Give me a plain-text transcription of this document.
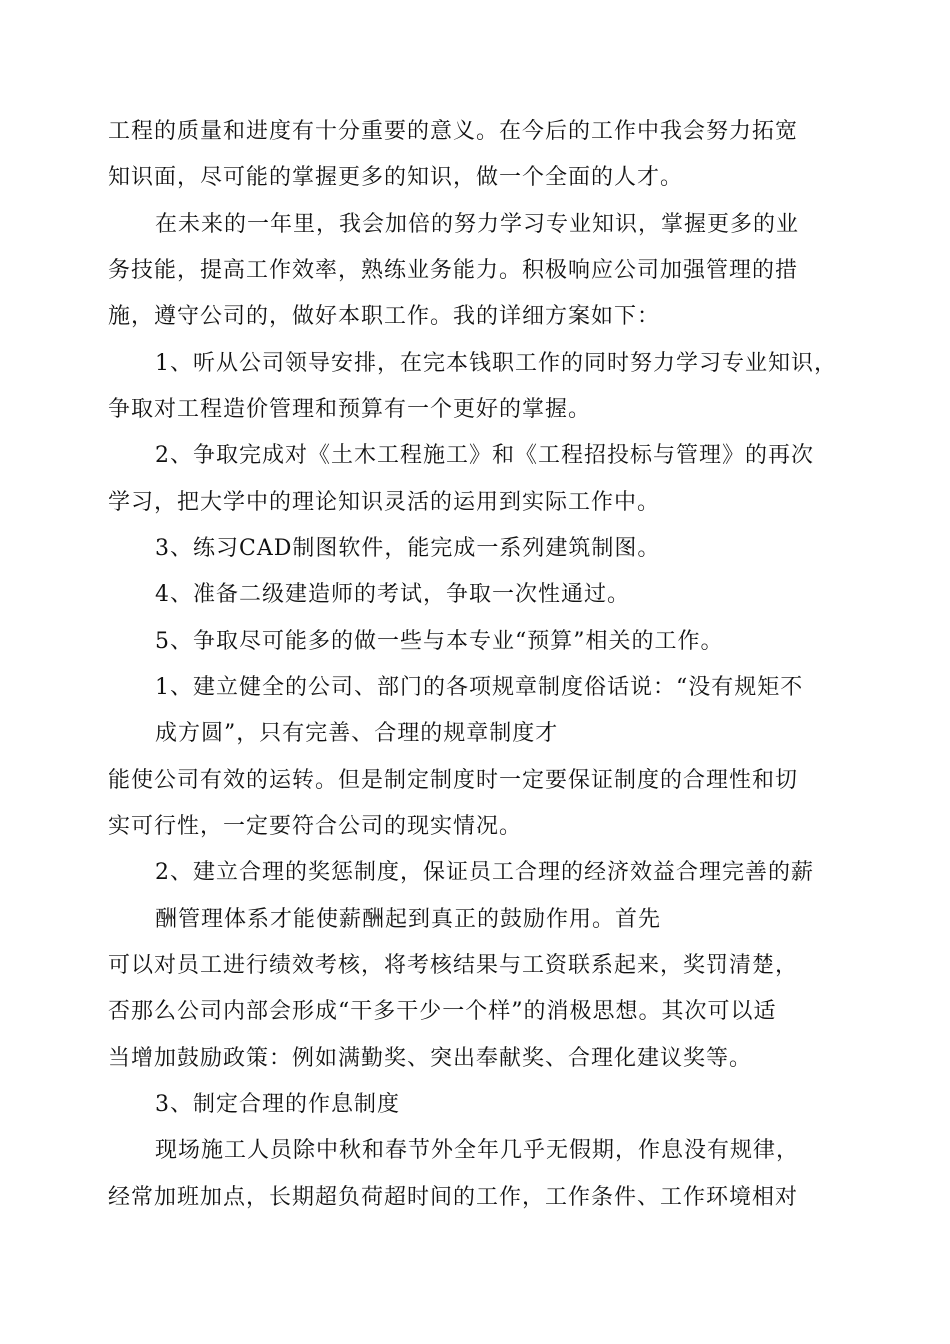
工程的质量和进度有十分重要的意义。在今后的工作中我会努力拓宽
知识面，尽可能的掌握更多的知识，做一个全面的人才。
在未来的一年里，我会加倍的努力学习专业知识，掌握更多的业
务技能，提高工作效率，熟练业务能力。积极响应公司加强管理的措
施，遵守公司的，做好本职工作。我的详细方案如下：
1、听从公司领导安排，在完本钱职工作的同时努力学习专业知识，
争取对工程造价管理和预算有一个更好的掌握。
2、争取完成对《土木工程施工》和《工程招投标与管理》的再次
学习，把大学中的理论知识灵活的运用到实际工作中。
3、练习CAD制图软件，能完成一系列建筑制图。
4、准备二级建造师的考试，争取一次性通过。
5、争取尽可能多的做一些与本专业“预算”相关的工作。
1、建立健全的公司、部门的各项规章制度俗话说：“没有规矩不
成方圆”，只有完善、合理的规章制度才
能使公司有效的运转。但是制定制度时一定要保证制度的合理性和切
实可行性，一定要符合公司的现实情况。
2、建立合理的奖惩制度，保证员工合理的经济效益合理完善的薪
酬管理体系才能使薪酬起到真正的鼓励作用。首先
可以对员工进行绩效考核，将考核结果与工资联系起来，奖罚清楚，
否那么公司内部会形成“干多干少一个样”的消极思想。其次可以适
当增加鼓励政策：例如满勤奖、突出奉献奖、合理化建议奖等。
3、制定合理的作息制度
现场施工人员除中秋和春节外全年几乎无假期，作息没有规律，
经常加班加点，长期超负荷超时间的工作，工作条件、工作环境相对
